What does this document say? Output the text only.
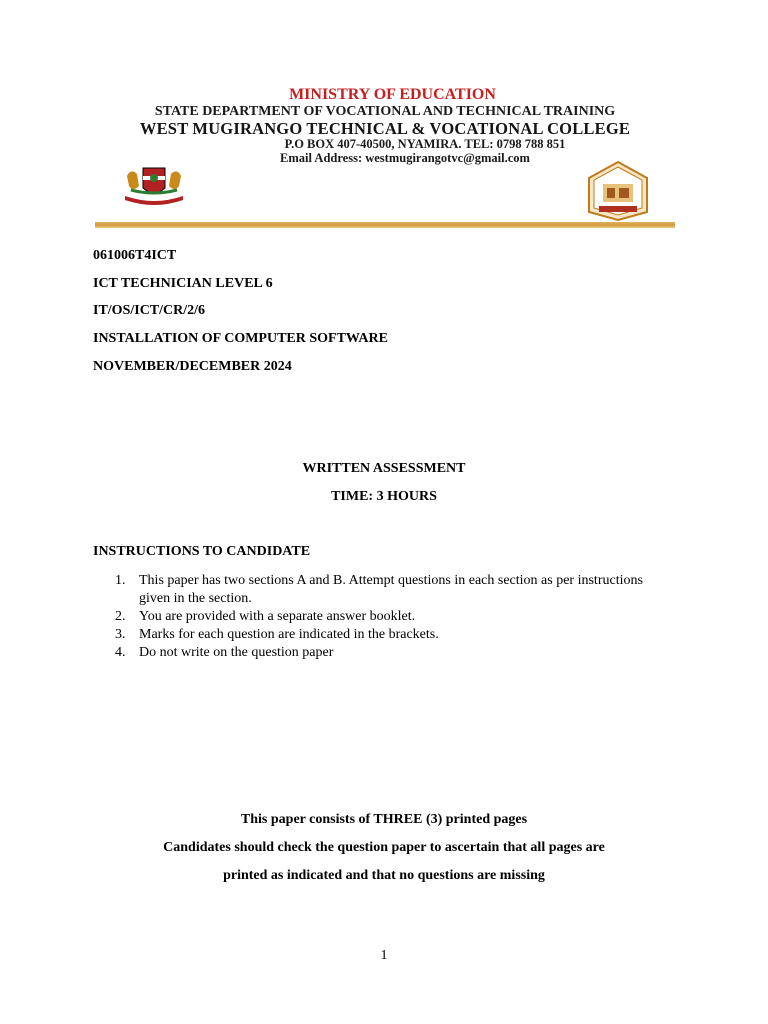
MINISTRY OF EDUCATION
STATE DEPARTMENT OF VOCATIONAL AND TECHNICAL TRAINING
WEST MUGIRANGO TECHNICAL & VOCATIONAL COLLEGE
P.O BOX 407-40500, NYAMIRA. TEL: 0798 788 851
Email Address: westmugirangotvc@gmail.com
061006T4ICT
ICT TECHNICIAN LEVEL 6
IT/OS/ICT/CR/2/6
INSTALLATION OF COMPUTER SOFTWARE
NOVEMBER/DECEMBER 2024
WRITTEN ASSESSMENT
TIME: 3 HOURS
INSTRUCTIONS TO CANDIDATE
1. This paper has two sections A and B. Attempt questions in each section as per instructions given in the section.
2. You are provided with a separate answer booklet.
3. Marks for each question are indicated in the brackets.
4. Do not write on the question paper
This paper consists of THREE (3) printed pages
Candidates should check the question paper to ascertain that all pages are
printed as indicated and that no questions are missing
1
